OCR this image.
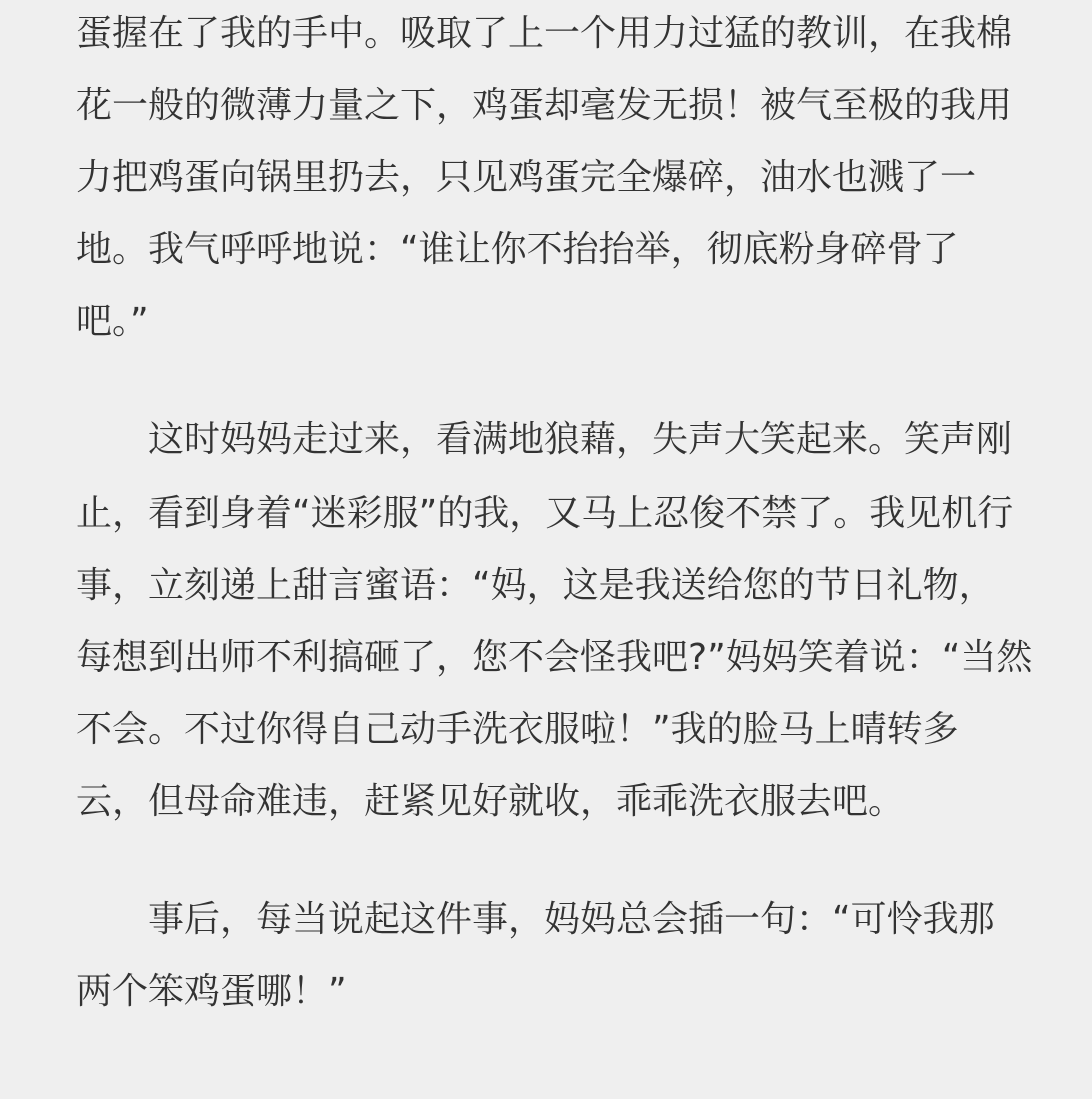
蛋握在了我的手中。吸取了上一个用力过猛的教训，在我棉
花一般的微薄力量之下，鸡蛋却毫发无损！被气至极的我用
力把鸡蛋向锅里扔去，只见鸡蛋完全爆碎，油水也溅了一
地。我气呼呼地说：“谁让你不抬抬举，彻底粉身碎骨了
吧。”
　　这时妈妈走过来，看满地狼藉，失声大笑起来。笑声刚
止，看到身着“迷彩服”的我，又马上忍俊不禁了。我见机行
事，立刻递上甜言蜜语：“妈，这是我送给您的节日礼物，
每想到出师不利搞砸了，您不会怪我吧?”妈妈笑着说：“当然
不会。不过你得自己动手洗衣服啦！”我的脸马上晴转多
云，但母命难违，赶紧见好就收，乖乖洗衣服去吧。
　　事后，每当说起这件事，妈妈总会插一句：“可怜我那
两个笨鸡蛋哪！”
